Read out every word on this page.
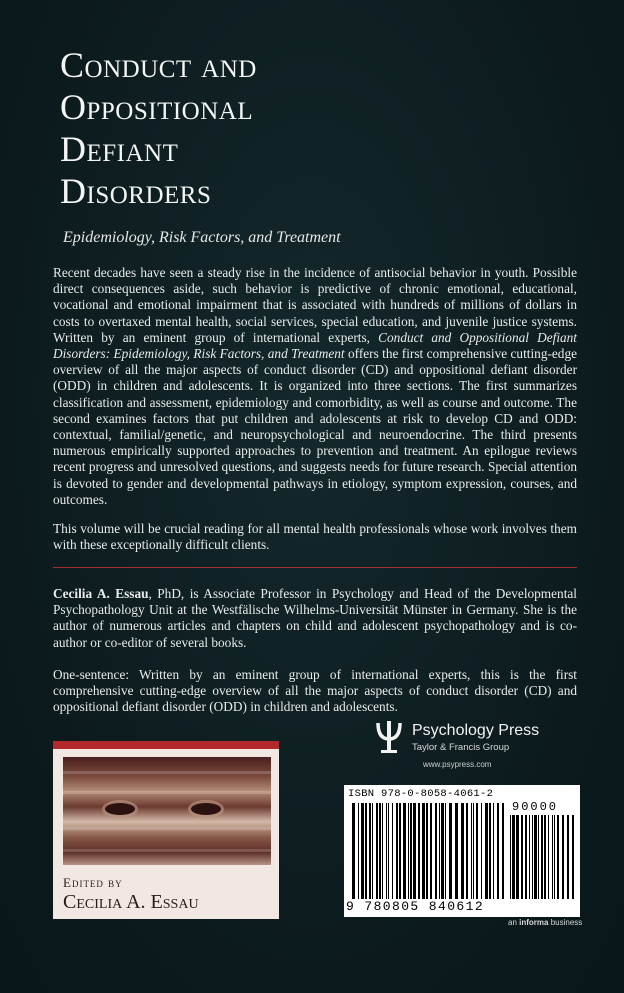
Conduct and
Oppositional
Defiant
Disorders
Epidemiology, Risk Factors, and Treatment
Recent decades have seen a steady rise in the incidence of antisocial behavior in youth. Possible direct consequences aside, such behavior is predictive of chronic emotional, educational, vocational and emotional impairment that is associated with hundreds of millions of dollars in costs to overtaxed mental health, social services, special education, and juvenile justice systems. Written by an eminent group of international experts, Conduct and Oppositional Defiant Disorders: Epidemiology, Risk Factors, and Treatment offers the first comprehensive cutting-edge overview of all the major aspects of conduct disorder (CD) and oppositional defiant disorder (ODD) in children and adolescents. It is organized into three sections. The first summarizes classification and assessment, epidemiology and comorbidity, as well as course and outcome. The second examines factors that put children and adolescents at risk to develop CD and ODD: contextual, familial/genetic, and neuropsychological and neuroendocrine. The third presents numerous empirically supported approaches to prevention and treatment. An epilogue reviews recent progress and unresolved questions, and suggests needs for future research. Special attention is devoted to gender and developmental pathways in etiology, symptom expression, courses, and outcomes.
This volume will be crucial reading for all mental health professionals whose work involves them with these exceptionally difficult clients.
Cecilia A. Essau, PhD, is Associate Professor in Psychology and Head of the Developmental Psychopathology Unit at the Westfälische Wilhelms-Universität Münster in Germany. She is the author of numerous articles and chapters on child and adolescent psychopathology and is co-author or co-editor of several books.
One-sentence: Written by an eminent group of international experts, this is the first comprehensive cutting-edge overview of all the major aspects of conduct disorder (CD) and oppositional defiant disorder (ODD) in children and adolescents.
Psychology Press
Taylor & Francis Group
www.psypress.com
Edited by
Cecilia A. Essau
ISBN 978-0-8058-4061-2
90000
9 780805 840612
an informa business
